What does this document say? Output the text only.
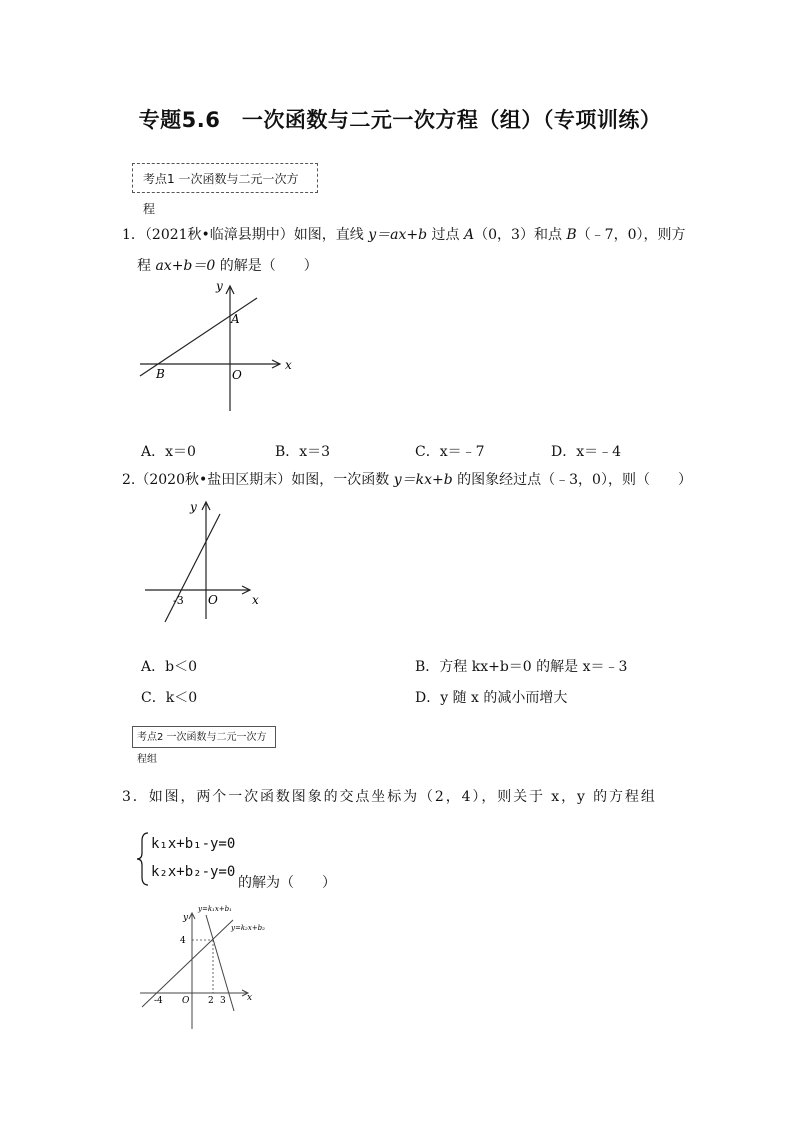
专题5.6　一次函数与二元一次方程（组）（专项训练）
考点1 一次函数与二元一次方程
1．（2021秋•临漳县期中）如图，直线 y＝ax+b 过点 A（0，3）和点 B（﹣7，0），则方
程 ax+b＝0 的解是（　　）
y
x
A
B	O
A．x＝0	B．x＝3	C．x＝﹣7	D．x＝﹣4
2.（2020秋•盐田区期末）如图，一次函数 y＝kx+b 的图象经过点（﹣3，0），则（　　）
y
x
O
-3
A．b＜0	B．方程 kx+b＝0 的解是 x＝﹣3
C．k＜0	D．y 随 x 的减小而增大
考点2 一次函数与二元一次方程组
3．如图，两个一次函数图象的交点坐标为（2，4），则关于 x，y 的方程组
k₁x+b₁-y=0
k₂x+b₂-y=0
的解为（　　）
y
x
O
4
-4	2 3
y=k₁x+b₁
y=k₂x+b₂
